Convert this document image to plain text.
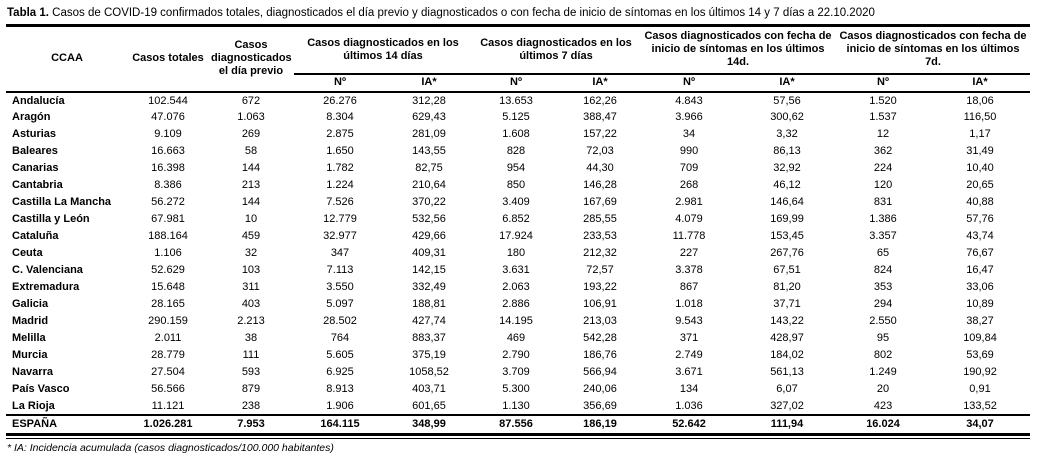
Tabla 1. Casos de COVID-19 confirmados totales, diagnosticados el día previo y diagnosticados o con fecha de inicio de síntomas en los últimos 14 y 7 días a 22.10.2020
CCAA	Casos totales	Casos diagnosticados el día previo	Casos diagnosticados en los últimos 14 días		Casos diagnosticados en los últimos 7 días		Casos diagnosticados con fecha de inicio de síntomas en los últimos 14d.		Casos diagnosticados con fecha de inicio de síntomas en los últimos 7d.	
			Nº	IA*	Nº	IA*	Nº	IA*	Nº	IA*
Andalucía	102.544	672	26.276	312,28	13.653	162,26	4.843	57,56	1.520	18,06
Aragón	47.076	1.063	8.304	629,43	5.125	388,47	3.966	300,62	1.537	116,50
Asturias	9.109	269	2.875	281,09	1.608	157,22	34	3,32	12	1,17
Baleares	16.663	58	1.650	143,55	828	72,03	990	86,13	362	31,49
Canarias	16.398	144	1.782	82,75	954	44,30	709	32,92	224	10,40
Cantabria	8.386	213	1.224	210,64	850	146,28	268	46,12	120	20,65
Castilla La Mancha	56.272	144	7.526	370,22	3.409	167,69	2.981	146,64	831	40,88
Castilla y León	67.981	10	12.779	532,56	6.852	285,55	4.079	169,99	1.386	57,76
Cataluña	188.164	459	32.977	429,66	17.924	233,53	11.778	153,45	3.357	43,74
Ceuta	1.106	32	347	409,31	180	212,32	227	267,76	65	76,67
C. Valenciana	52.629	103	7.113	142,15	3.631	72,57	3.378	67,51	824	16,47
Extremadura	15.648	311	3.550	332,49	2.063	193,22	867	81,20	353	33,06
Galicia	28.165	403	5.097	188,81	2.886	106,91	1.018	37,71	294	10,89
Madrid	290.159	2.213	28.502	427,74	14.195	213,03	9.543	143,22	2.550	38,27
Melilla	2.011	38	764	883,37	469	542,28	371	428,97	95	109,84
Murcia	28.779	111	5.605	375,19	2.790	186,76	2.749	184,02	802	53,69
Navarra	27.504	593	6.925	1058,52	3.709	566,94	3.671	561,13	1.249	190,92
País Vasco	56.566	879	8.913	403,71	5.300	240,06	134	6,07	20	0,91
La Rioja	11.121	238	1.906	601,65	1.130	356,69	1.036	327,02	423	133,52
ESPAÑA	1.026.281	7.953	164.115	348,99	87.556	186,19	52.642	111,94	16.024	34,07
* IA: Incidencia acumulada (casos diagnosticados/100.000 habitantes)
